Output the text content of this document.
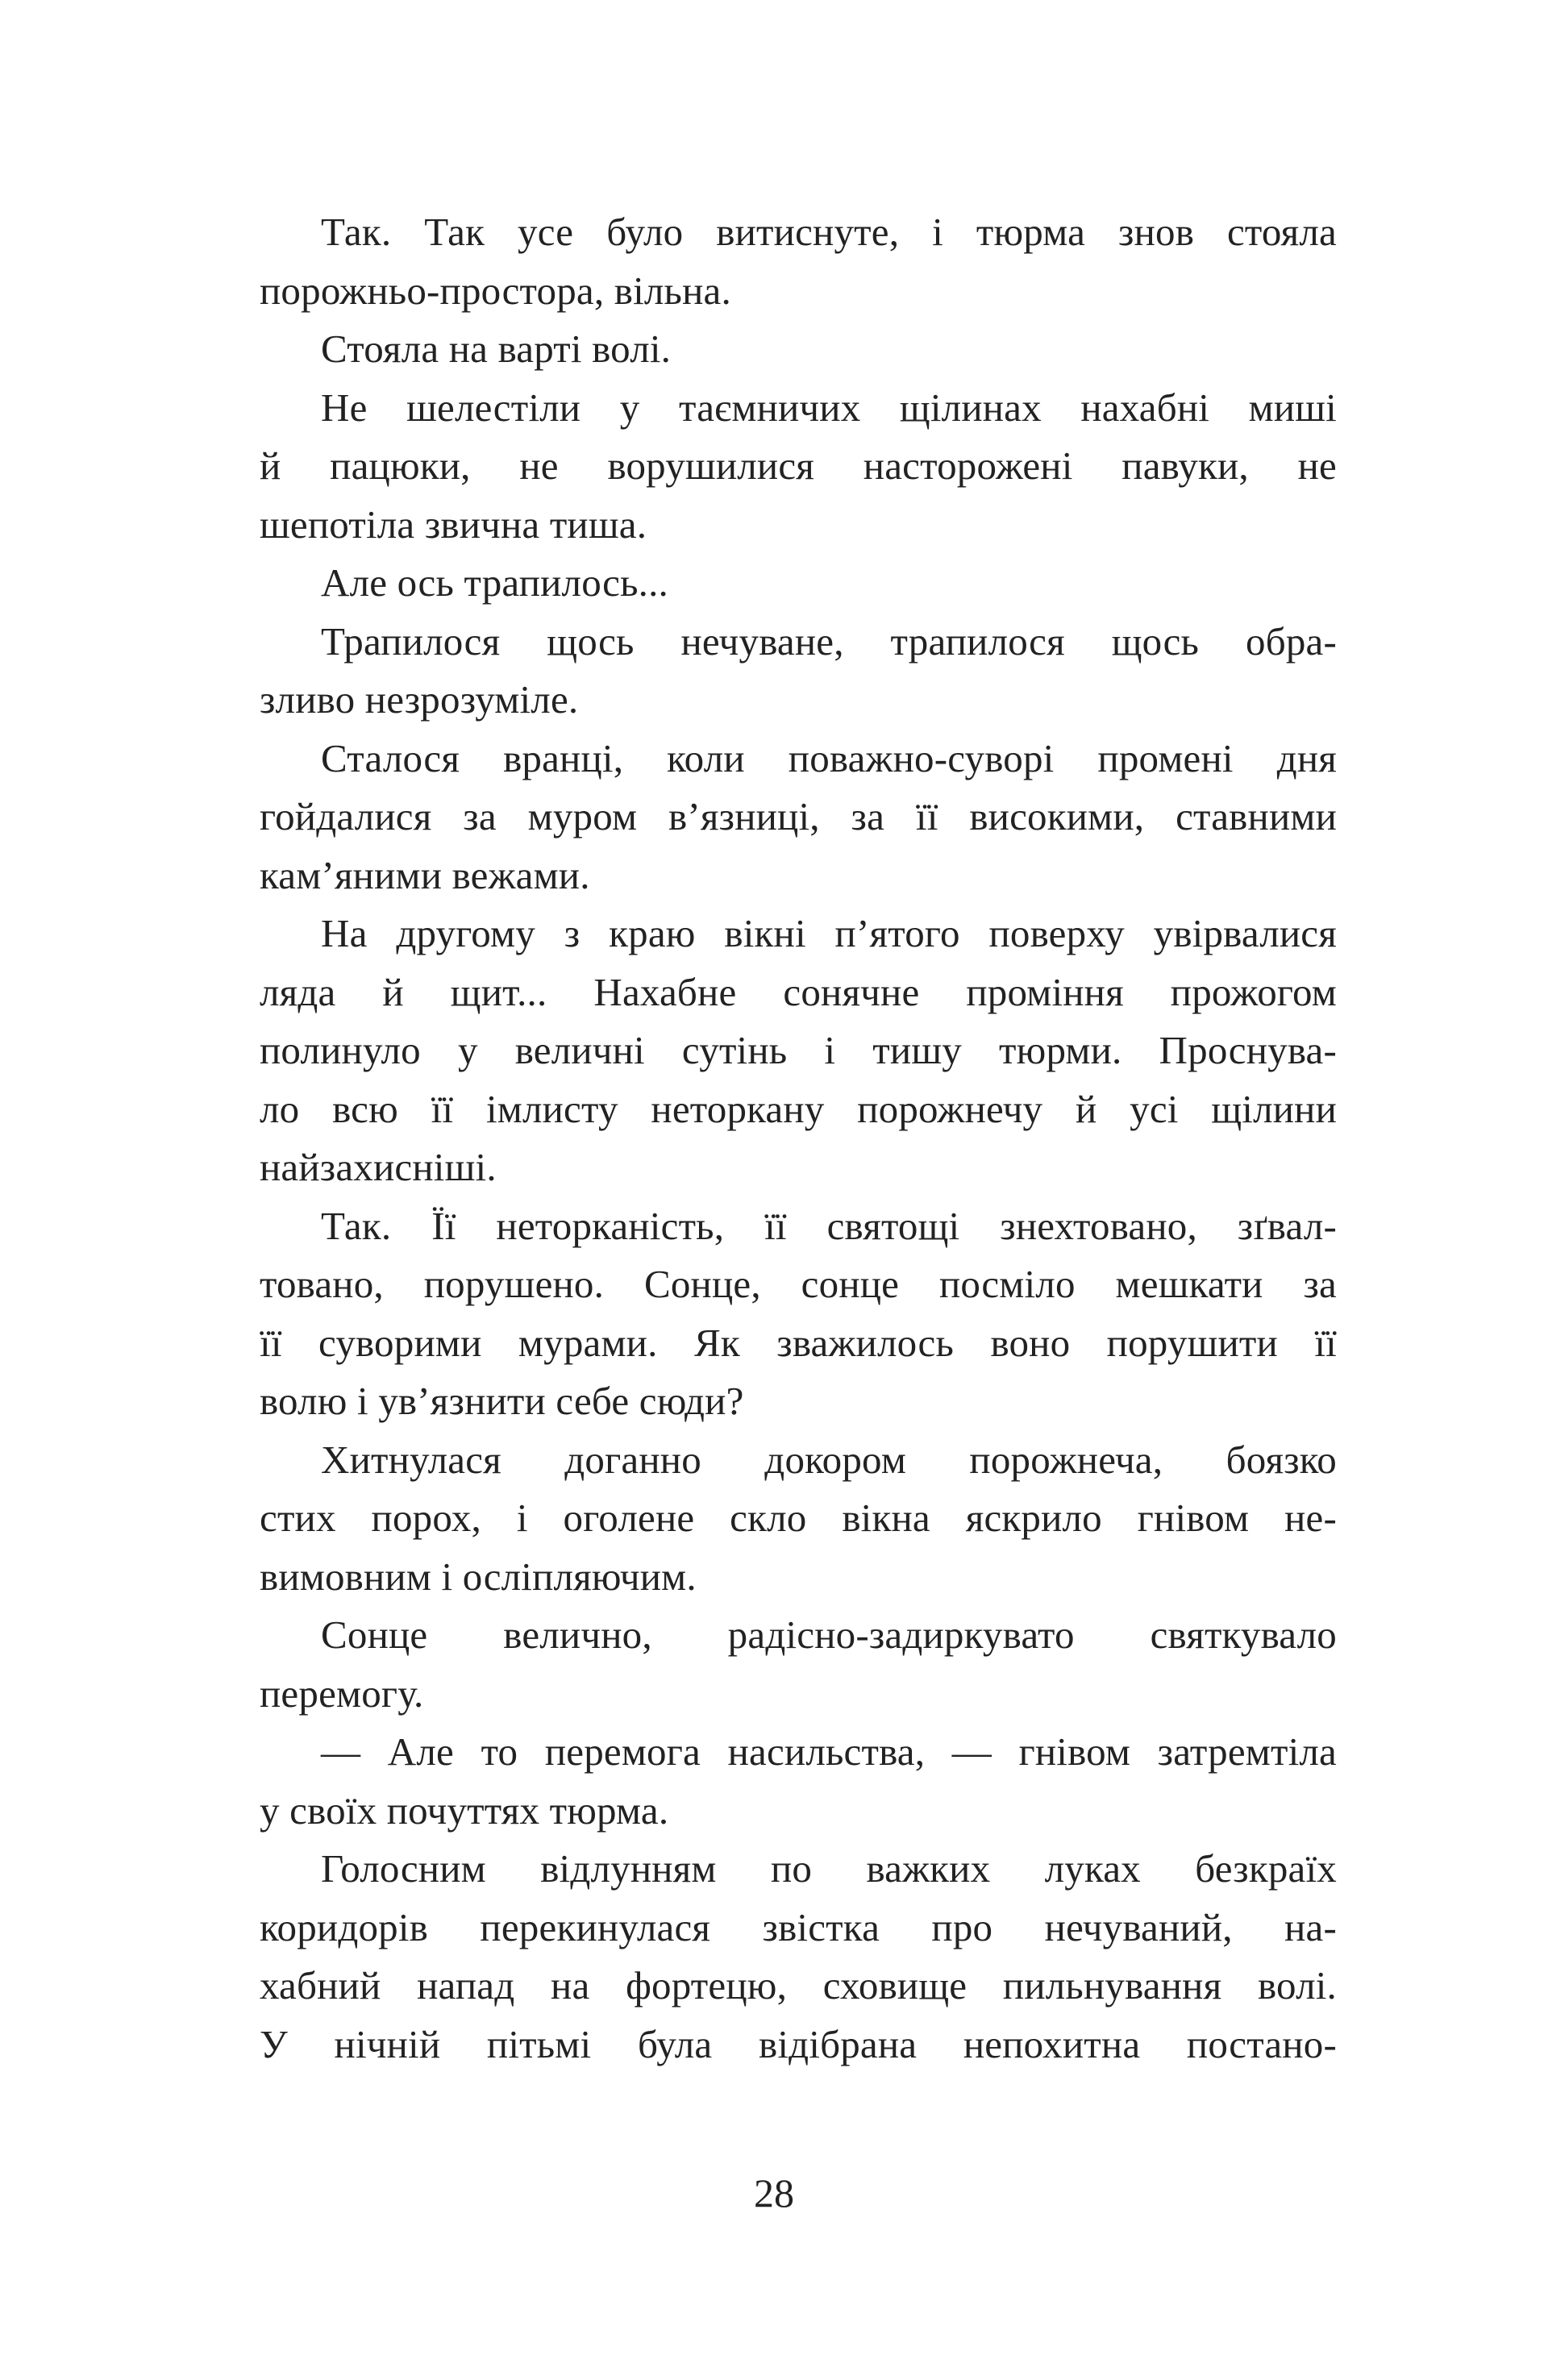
Так. Так усе було витиснуте, і тюрма знов стояла
порожньо-простора, вільна.
Стояла на варті волі.
Не шелестіли у таємничих щілинах нахабні миші
й пацюки, не ворушилися настороженi павуки, не
шепотіла звична тиша.
Але ось трапилось...
Трапилося щось нечуване, трапилося щось обра-
зливо незрозуміле.
Сталося вранці, коли поважно-суворі промені дня
гойдалися за муром в’язниці, за її високими, ставними
кам’яними вежами.
На другому з краю вікні п’ятого поверху увірвалися
ляда й щит... Нахабне сонячне проміння прожогом
полинуло у величні сутінь і тишу тюрми. Проснува-
ло всю її імлисту неторкану порожнечу й усі щілини
найзахисніші.
Так. Її неторканість, її святощі знехтовано, зґвал-
товано, порушено. Сонце, сонце посміло мешкати за
її суворими мурами. Як зважилось воно порушити її
волю і ув’язнити себе сюди?
Хитнулася доганно докором порожнеча, боязко
стих порох, і оголене скло вікна яскрило гнівом не-
вимовним і осліпляючим.
Сонце велично, радісно-задиркувато святкувало
перемогу.
— Але то перемога насильства, — гнівом затремтіла
у своїх почуттях тюрма.
Голосним відлунням по важких луках безкраїх
коридорів перекинулася звістка про нечуваний, на-
хабний напад на фортецю, сховище пильнування волі.
У нічній пітьмі була відібрана непохитна постано-
28
